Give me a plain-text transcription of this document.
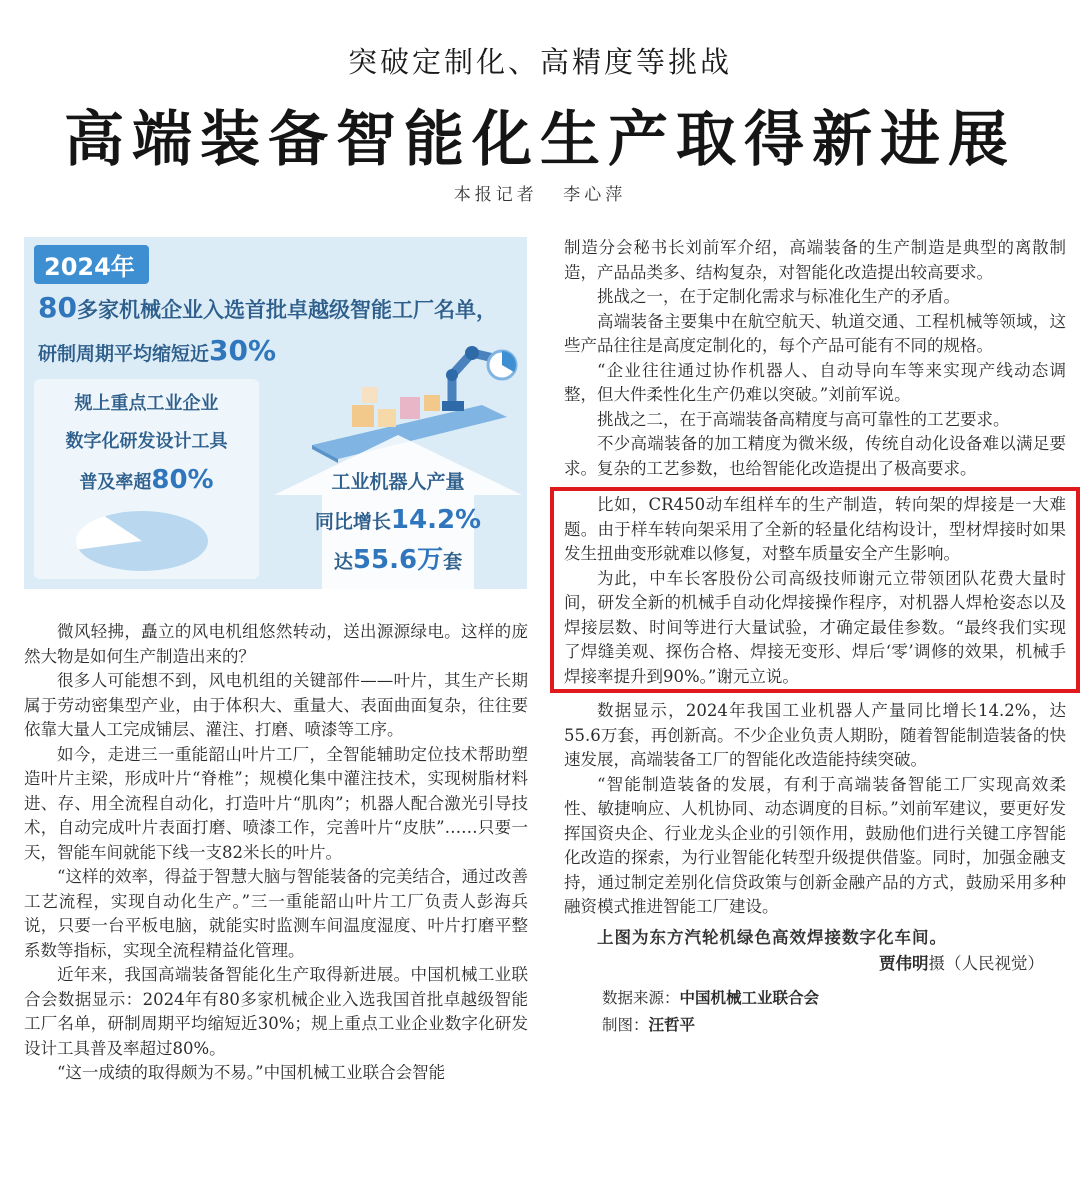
突破定制化、高精度等挑战
高端装备智能化生产取得新进展
本报记者 李心萍
2024年
80多家机械企业入选首批卓越级智能工厂名单，
研制周期平均缩短近30%
规上重点工业企业
数字化研发设计工具
普及率超80%	工业机器人产量
同比增长14.2%
达55.6万套

微风轻拂，矗立的风电机组悠然转动，送出源源绿电。这样的庞然大物是如何生产制造出来的？

很多人可能想不到，风电机组的关键部件——叶片，其生产长期属于劳动密集型产业，由于体积大、重量大、表面曲面复杂，往往要依靠大量人工完成铺层、灌注、打磨、喷漆等工序。

如今，走进三一重能韶山叶片工厂，全智能辅助定位技术帮助塑造叶片主梁，形成叶片“脊椎”；规模化集中灌注技术，实现树脂材料进、存、用全流程自动化，打造叶片“肌肉”；机器人配合激光引导技术，自动完成叶片表面打磨、喷漆工作，完善叶片“皮肤”……只要一天，智能车间就能下线一支82米长的叶片。

“这样的效率，得益于智慧大脑与智能装备的完美结合，通过改善工艺流程，实现自动化生产。”三一重能韶山叶片工厂负责人彭海兵说，只要一台平板电脑，就能实时监测车间温度湿度、叶片打磨平整系数等指标，实现全流程精益化管理。

近年来，我国高端装备智能化生产取得新进展。中国机械工业联合会数据显示：2024年有80多家机械企业入选我国首批卓越级智能工厂名单，研制周期平均缩短近30%；规上重点工业企业数字化研发设计工具普及率超过80%。

“这一成绩的取得颇为不易。”中国机械工业联合会智能

制造分会秘书长刘前军介绍，高端装备的生产制造是典型的离散制造，产品品类多、结构复杂，对智能化改造提出较高要求。

挑战之一，在于定制化需求与标准化生产的矛盾。

高端装备主要集中在航空航天、轨道交通、工程机械等领域，这些产品往往是高度定制化的，每个产品可能有不同的规格。

“企业往往通过协作机器人、自动导向车等来实现产线动态调整，但大件柔性化生产仍难以突破。”刘前军说。

挑战之二，在于高端装备高精度与高可靠性的工艺要求。

不少高端装备的加工精度为微米级，传统自动化设备难以满足要求。复杂的工艺参数，也给智能化改造提出了极高要求。

比如，CR450动车组样车的生产制造，转向架的焊接是一大难题。由于样车转向架采用了全新的轻量化结构设计，型材焊接时如果发生扭曲变形就难以修复，对整车质量安全产生影响。

为此，中车长客股份公司高级技师谢元立带领团队花费大量时间，研发全新的机械手自动化焊接操作程序，对机器人焊枪姿态以及焊接层数、时间等进行大量试验，才确定最佳参数。“最终我们实现了焊缝美观、探伤合格、焊接无变形、焊后‘零’调修的效果，机械手焊接率提升到90%。”谢元立说。

数据显示，2024年我国工业机器人产量同比增长14.2%，达55.6万套，再创新高。不少企业负责人期盼，随着智能制造装备的快速发展，高端装备工厂的智能化改造能持续突破。

“智能制造装备的发展，有利于高端装备智能工厂实现高效柔性、敏捷响应、人机协同、动态调度的目标。”刘前军建议，要更好发挥国资央企、行业龙头企业的引领作用，鼓励他们进行关键工序智能化改造的探索，为行业智能化转型升级提供借鉴。同时，加强金融支持，通过制定差别化信贷政策与创新金融产品的方式，鼓励采用多种融资模式推进智能工厂建设。

上图为东方汽轮机绿色高效焊接数字化车间。
贾伟明摄（人民视觉）
数据来源：中国机械工业联合会
制图：汪哲平
